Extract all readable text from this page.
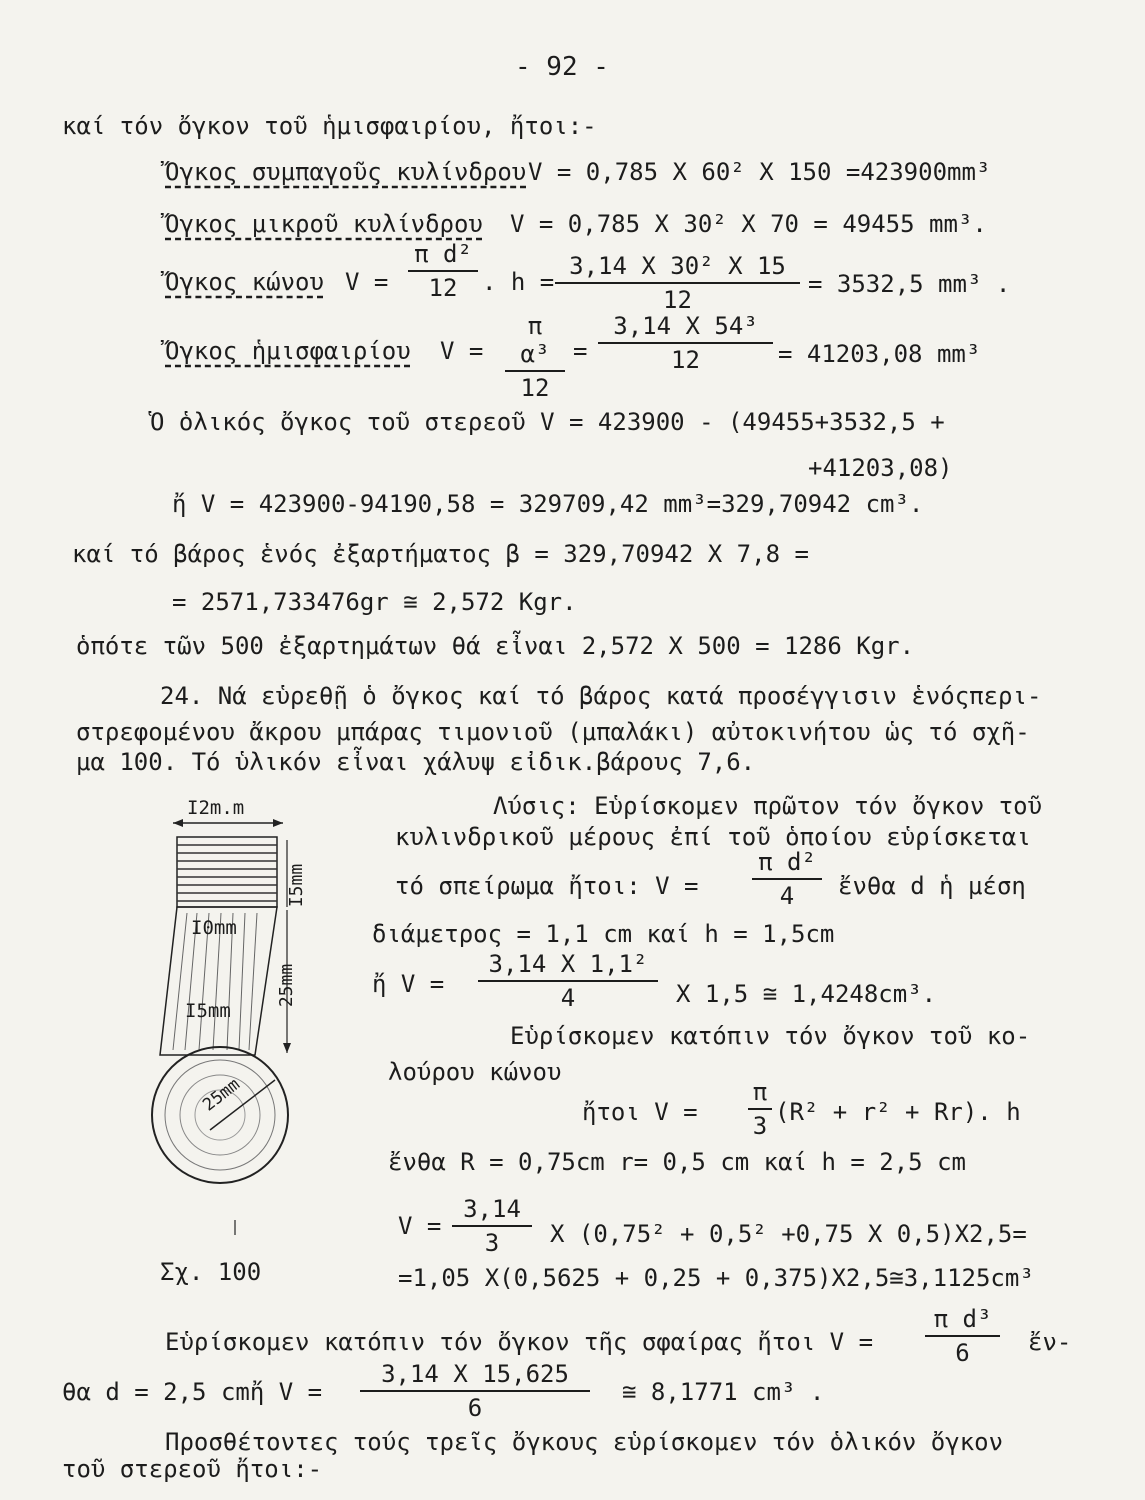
- 92 -
καί τόν ὄγκον τοῦ ἡμισφαιρίου, ἤτοι:-
Ὄγκος συμπαγοῦς κυλίνδρου V = 0,785 X 60² X 150 =423900mm³
Ὄγκος μικροῦ κυλίνδρου V = 0,785 X 30² X 70 = 49455 mm³.
Ὄγκος κώνου V =
π d²
12	. h =
3,14 X 30² X 15
12
= 3532,5 mm³ .
Ὄγκος ἡμισφαιρίου V =
π α³
12
=
3,14 X 54³
12	= 41203,08 mm³
Ὁ ὁλικός ὄγκος τοῦ στερεοῦ V = 423900 - (49455+3532,5 +
+41203,08)
ἤ V = 423900-94190,58 = 329709,42 mm³=329,70942 cm³.
καί τό βάρος ἑνός ἐξαρτήματος β = 329,70942 X 7,8 =
= 2571,733476gr ≅ 2,572 Kgr.
ὁπότε τῶν 500 ἐξαρτημάτων θά εἶναι 2,572 X 500 = 1286 Kgr.
24. Νά εὑρεθῇ ὁ ὄγκος καί τό βάρος κατά προσέγγισιν ἑνόςπερι-
στρεφομένου ἄκρου μπάρας τιμονιοῦ (μπαλάκι) αὐτοκινήτου ὡς τό σχῆ-
μα 100. Τό ὑλικόν εἶναι χάλυψ εἰδικ.βάρους 7,6.
I2m.m
I5mm
I0mm
25mm
I5mm
25mm
Σχ. 100
Λύσις: Εὑρίσκομεν πρῶτον τόν ὄγκον τοῦ
κυλινδρικοῦ μέρους ἐπί τοῦ ὁποίου εὑρίσκεται
τό σπείρωμα ἤτοι: V =
π d²
4	ἔνθα d ἡ μέση
διάμετρος = 1,1 cm καί h = 1,5cm
ἤ V =
3,14 X 1,1²
4	X 1,5 ≅ 1,4248cm³.
Εὑρίσκομεν κατόπιν τόν ὄγκον τοῦ κο-
λούρου κώνου
ἤτοι V =
π
3 (R² + r² + Rr). h
ἔνθα R = 0,75cm r= 0,5 cm καί h = 2,5 cm
V =
3,14
3	X (0,75² + 0,5² +0,75 X 0,5)X2,5=
=1,05 X(0,5625 + 0,25 + 0,375)X2,5≅3,1125cm³
Εὑρίσκομεν κατόπιν τόν ὄγκον τῆς σφαίρας ἤτοι V =
π d³
6	ἔν-
θα d = 2,5 cmἤ V =
3,14 X 15,625
6
≅ 8,1771 cm³ .
Προσθέτοντες τούς τρεῖς ὄγκους εὑρίσκομεν τόν ὁλικόν ὄγκον
τοῦ στερεοῦ ἤτοι:-
